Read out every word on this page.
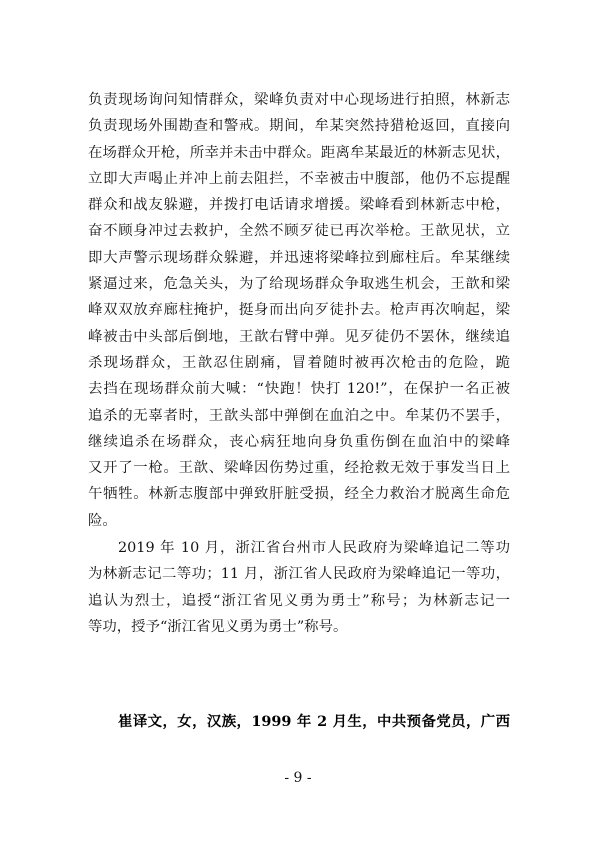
负责现场询问知情群众，梁峰负责对中心现场进行拍照，林新志
负责现场外围勘查和警戒。期间，牟某突然持猎枪返回，直接向
在场群众开枪，所幸并未击中群众。距离牟某最近的林新志见状，
立即大声喝止并冲上前去阻拦，不幸被击中腹部，他仍不忘提醒
群众和战友躲避，并拨打电话请求增援。梁峰看到林新志中枪，
奋不顾身冲过去救护，全然不顾歹徒已再次举枪。王歆见状，立
即大声警示现场群众躲避，并迅速将梁峰拉到廊柱后。牟某继续
紧逼过来，危急关头，为了给现场群众争取逃生机会，王歆和梁
峰双双放弃廊柱掩护，挺身而出向歹徒扑去。枪声再次响起，梁
峰被击中头部后倒地，王歆右臂中弹。见歹徒仍不罢休，继续追
杀现场群众，王歆忍住剧痛，冒着随时被再次枪击的危险，跪
去挡在现场群众前大喊：“快跑！快打 120!”，在保护一名正被
追杀的无辜者时，王歆头部中弹倒在血泊之中。牟某仍不罢手，
继续追杀在场群众，丧心病狂地向身负重伤倒在血泊中的梁峰
又开了一枪。王歆、梁峰因伤势过重，经抢救无效于事发当日上
午牺牲。林新志腹部中弹致肝脏受损，经全力救治才脱离生命危
险。
2019 年 10 月，浙江省台州市人民政府为梁峰追记二等功
为林新志记二等功；11 月，浙江省人民政府为梁峰追记一等功，
追认为烈士，追授“浙江省见义勇为勇士”称号；为林新志记一
等功，授予“浙江省见义勇为勇士”称号。
崔译文，女，汉族，1999 年 2 月生，中共预备党员，广西
- 9 -
